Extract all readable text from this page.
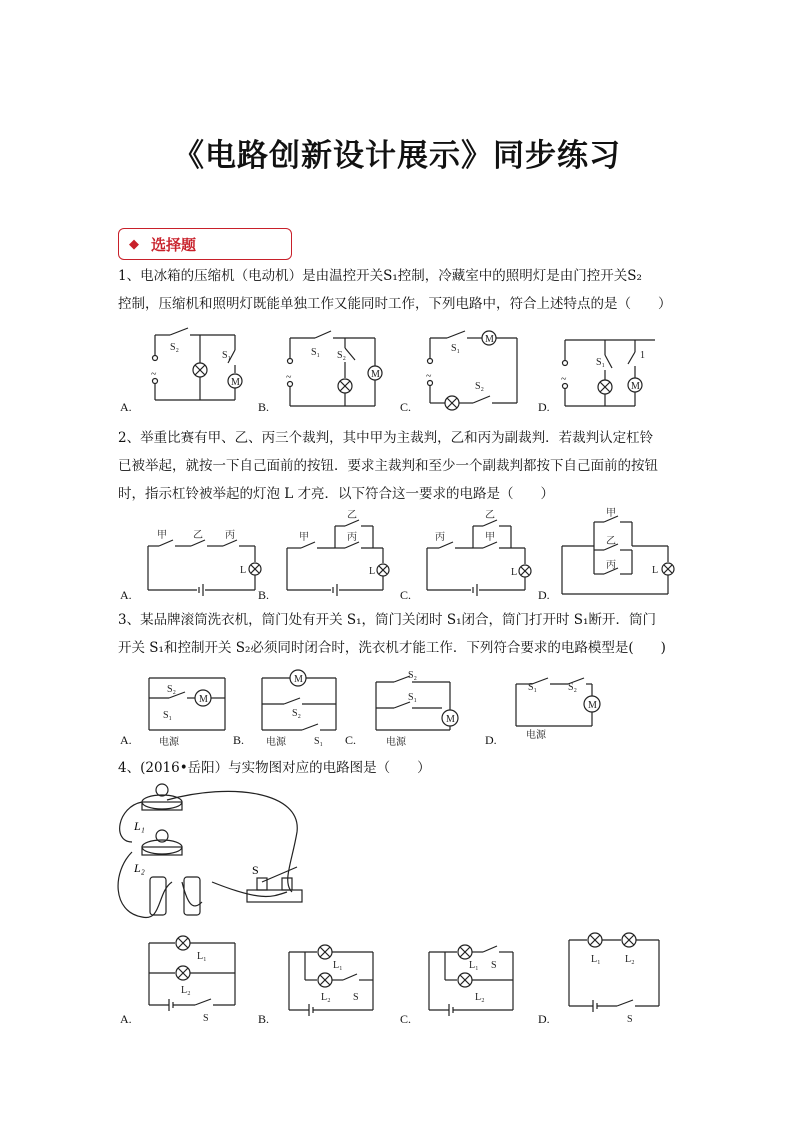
《电路创新设计展示》同步练习
◆ 选择题
1、电冰箱的压缩机（电动机）是由温控开关S₁控制，冷藏室中的照明灯是由门控开关S₂
控制，压缩机和照明灯既能单独工作又能同时工作，下列电路中，符合上述特点的是（　　）
A.	B.	C.	D.
~
S₂
S₁
M
S₁
~
S₂
M
S₁
M
~
S₂
~
S₁
1
M
2、举重比赛有甲、乙、丙三个裁判，其中甲为主裁判，乙和丙为副裁判．若裁判认定杠铃
已被举起，就按一下自己面前的按钮．要求主裁判和至少一个副裁判都按下自己面前的按钮
时，指示杠铃被举起的灯泡 L 才亮．以下符合这一要求的电路是（　　）
A.	B.	C.	D.
甲	乙 丙
L
乙
甲	丙
L
乙
丙	甲
L
甲
乙
丙	L
3、某品牌滚筒洗衣机，筒门处有开关 S₁，筒门关闭时 S₁闭合，筒门打开时 S₁断开．筒门
开关 S₁和控制开关 S₂必须同时闭合时，洗衣机才能工作．下列符合要求的电路模型是(　　)
A.	B.	C.	D.
S₂
M
S₁
电源
M
S₂
电源	S₁
S₂
S₁
M
电源
S₁	S₂
M
电源
4、(2016•岳阳）与实物图对应的电路图是（　　）
L₁
L₂	S
A.	B.	C.	D.
L₁
L₂
S
L₁
L₂ S
L₁ S
L₂
L₁ L₂
S
